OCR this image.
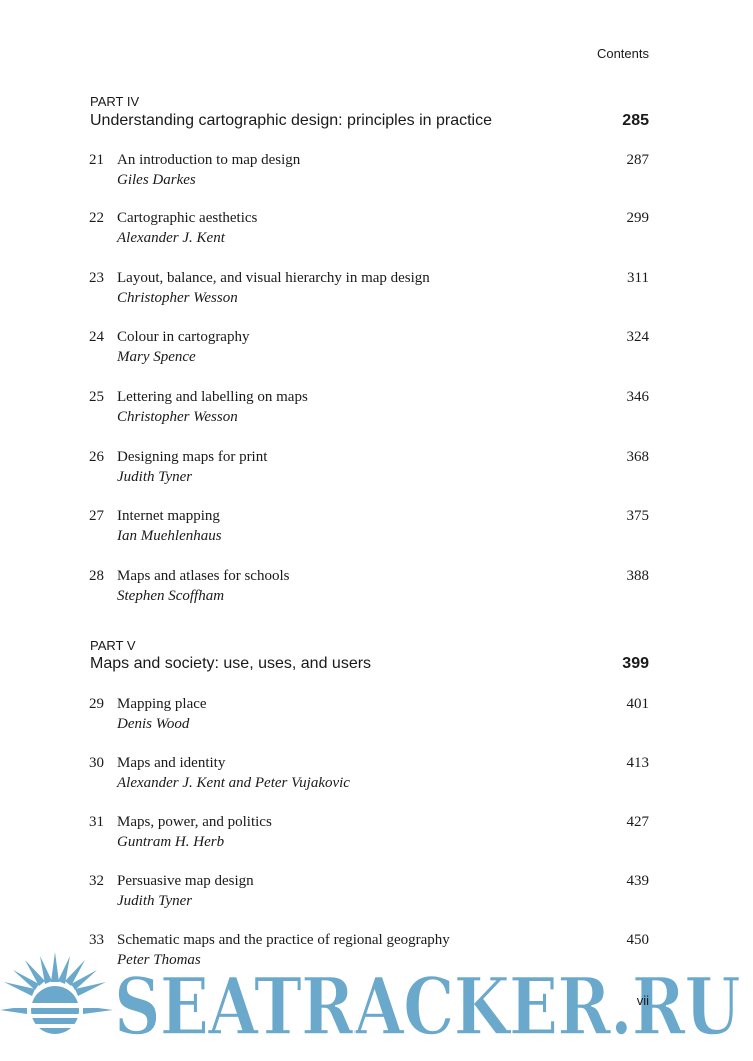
Contents
PART IV
Understanding cartographic design: principles in practice	285
21 An introduction to map design
Giles Darkes
287
22 Cartographic aesthetics
Alexander J. Kent
299
23 Layout, balance, and visual hierarchy in map design
Christopher Wesson
311
24 Colour in cartography
Mary Spence
324
25 Lettering and labelling on maps
Christopher Wesson
346
26 Designing maps for print
Judith Tyner
368
27 Internet mapping
Ian Muehlenhaus
375
28 Maps and atlases for schools
Stephen Scoffham
388
PART V
Maps and society: use, uses, and users	399
29 Mapping place
Denis Wood
401
30 Maps and identity
Alexander J. Kent and Peter Vujakovic
413
31 Maps, power, and politics
Guntram H. Herb
427
32 Persuasive map design
Judith Tyner
439
33 Schematic maps and the practice of regional geography
Peter Thomas
450
SEATRACKER.RU
vii
